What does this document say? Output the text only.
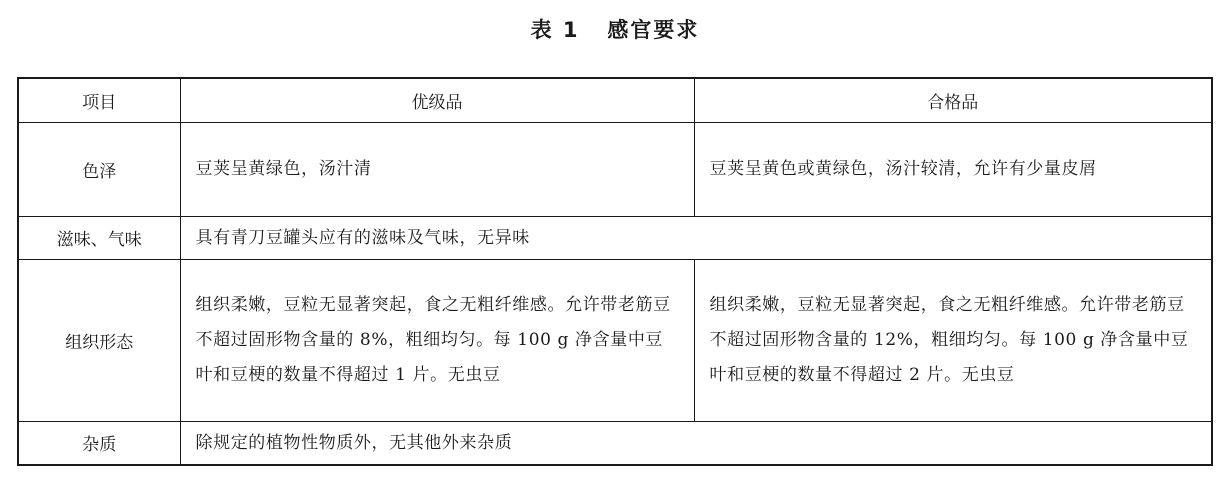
表 1   感官要求
项目	优级品	合格品
色泽	豆荚呈黄绿色，汤汁清	豆荚呈黄色或黄绿色，汤汁较清，允许有少量皮屑
滋味、气味	具有青刀豆罐头应有的滋味及气味，无异味	
组织形态	组织柔嫩，豆粒无显著突起，食之无粗纤维感。允许带老筋豆不超过固形物含量的 8%，粗细均匀。每 100 g 净含量中豆叶和豆梗的数量不得超过 1 片。无虫豆	组织柔嫩，豆粒无显著突起，食之无粗纤维感。允许带老筋豆不超过固形物含量的 12%，粗细均匀。每 100 g 净含量中豆叶和豆梗的数量不得超过 2 片。无虫豆
杂质	除规定的植物性物质外，无其他外来杂质	
